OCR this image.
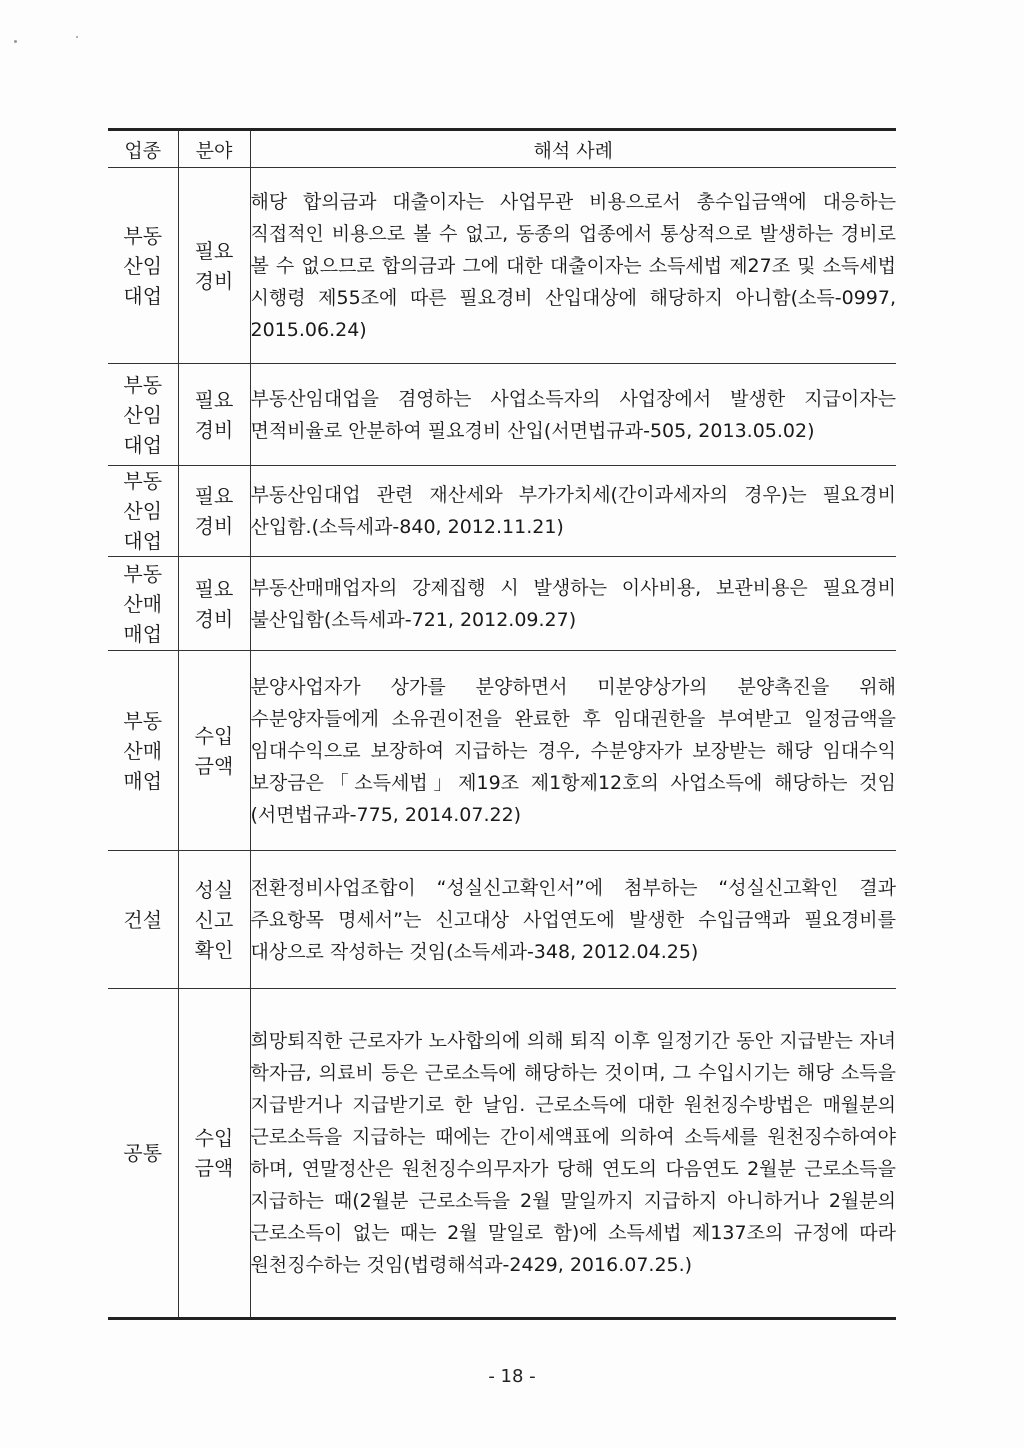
업종	분야	해석 사례
부동산임대업	필요경비	해당 합의금과 대출이자는 사업무관 비용으로서 총수입금액에 대응하는 직접적인 비용으로 볼 수 없고, 동종의 업종에서 통상적으로 발생하는 경비로 볼 수 없으므로 합의금과 그에 대한 대출이자는 소득세법 제27조 및 소득세법 시행령 제55조에 따른 필요경비 산입대상에 해당하지 아니함(소득-0997, 2015.06.24)
부동산임대업	필요경비	부동산임대업을 겸영하는 사업소득자의 사업장에서 발생한 지급이자는 면적비율로 안분하여 필요경비 산입(서면법규과-505, 2013.05.02)
부동산임대업	필요경비	부동산임대업 관련 재산세와 부가가치세(간이과세자의 경우)는 필요경비 산입함.(소득세과-840, 2012.11.21)
부동산매매업	필요경비	부동산매매업자의 강제집행 시 발생하는 이사비용, 보관비용은 필요경비 불산입함(소득세과-721, 2012.09.27)
부동산매매업	수입금액	분양사업자가 상가를 분양하면서 미분양상가의 분양촉진을 위해 수분양자들에게 소유권이전을 완료한 후 임대권한을 부여받고 일정금액을 임대수익으로 보장하여 지급하는 경우, 수분양자가 보장받는 해당 임대수익 보장금은「소득세법」제19조 제1항제12호의 사업소득에 해당하는 것임(서면법규과-775, 2014.07.22)
건설	성실신고확인	전환정비사업조합이 “성실신고확인서”에 첨부하는 “성실신고확인 결과 주요항목 명세서”는 신고대상 사업연도에 발생한 수입금액과 필요경비를 대상으로 작성하는 것임(소득세과-348, 2012.04.25)
공통	수입금액	희망퇴직한 근로자가 노사합의에 의해 퇴직 이후 일정기간 동안 지급받는 자녀 학자금, 의료비 등은 근로소득에 해당하는 것이며, 그 수입시기는 해당 소득을 지급받거나 지급받기로 한 날임. 근로소득에 대한 원천징수방법은 매월분의 근로소득을 지급하는 때에는 간이세액표에 의하여 소득세를 원천징수하여야 하며, 연말정산은 원천징수의무자가 당해 연도의 다음연도 2월분 근로소득을 지급하는 때(2월분 근로소득을 2월 말일까지 지급하지 아니하거나 2월분의 근로소득이 없는 때는 2월 말일로 함)에 소득세법 제137조의 규정에 따라 원천징수하는 것임(법령해석과-2429, 2016.07.25.)
- 18 -
